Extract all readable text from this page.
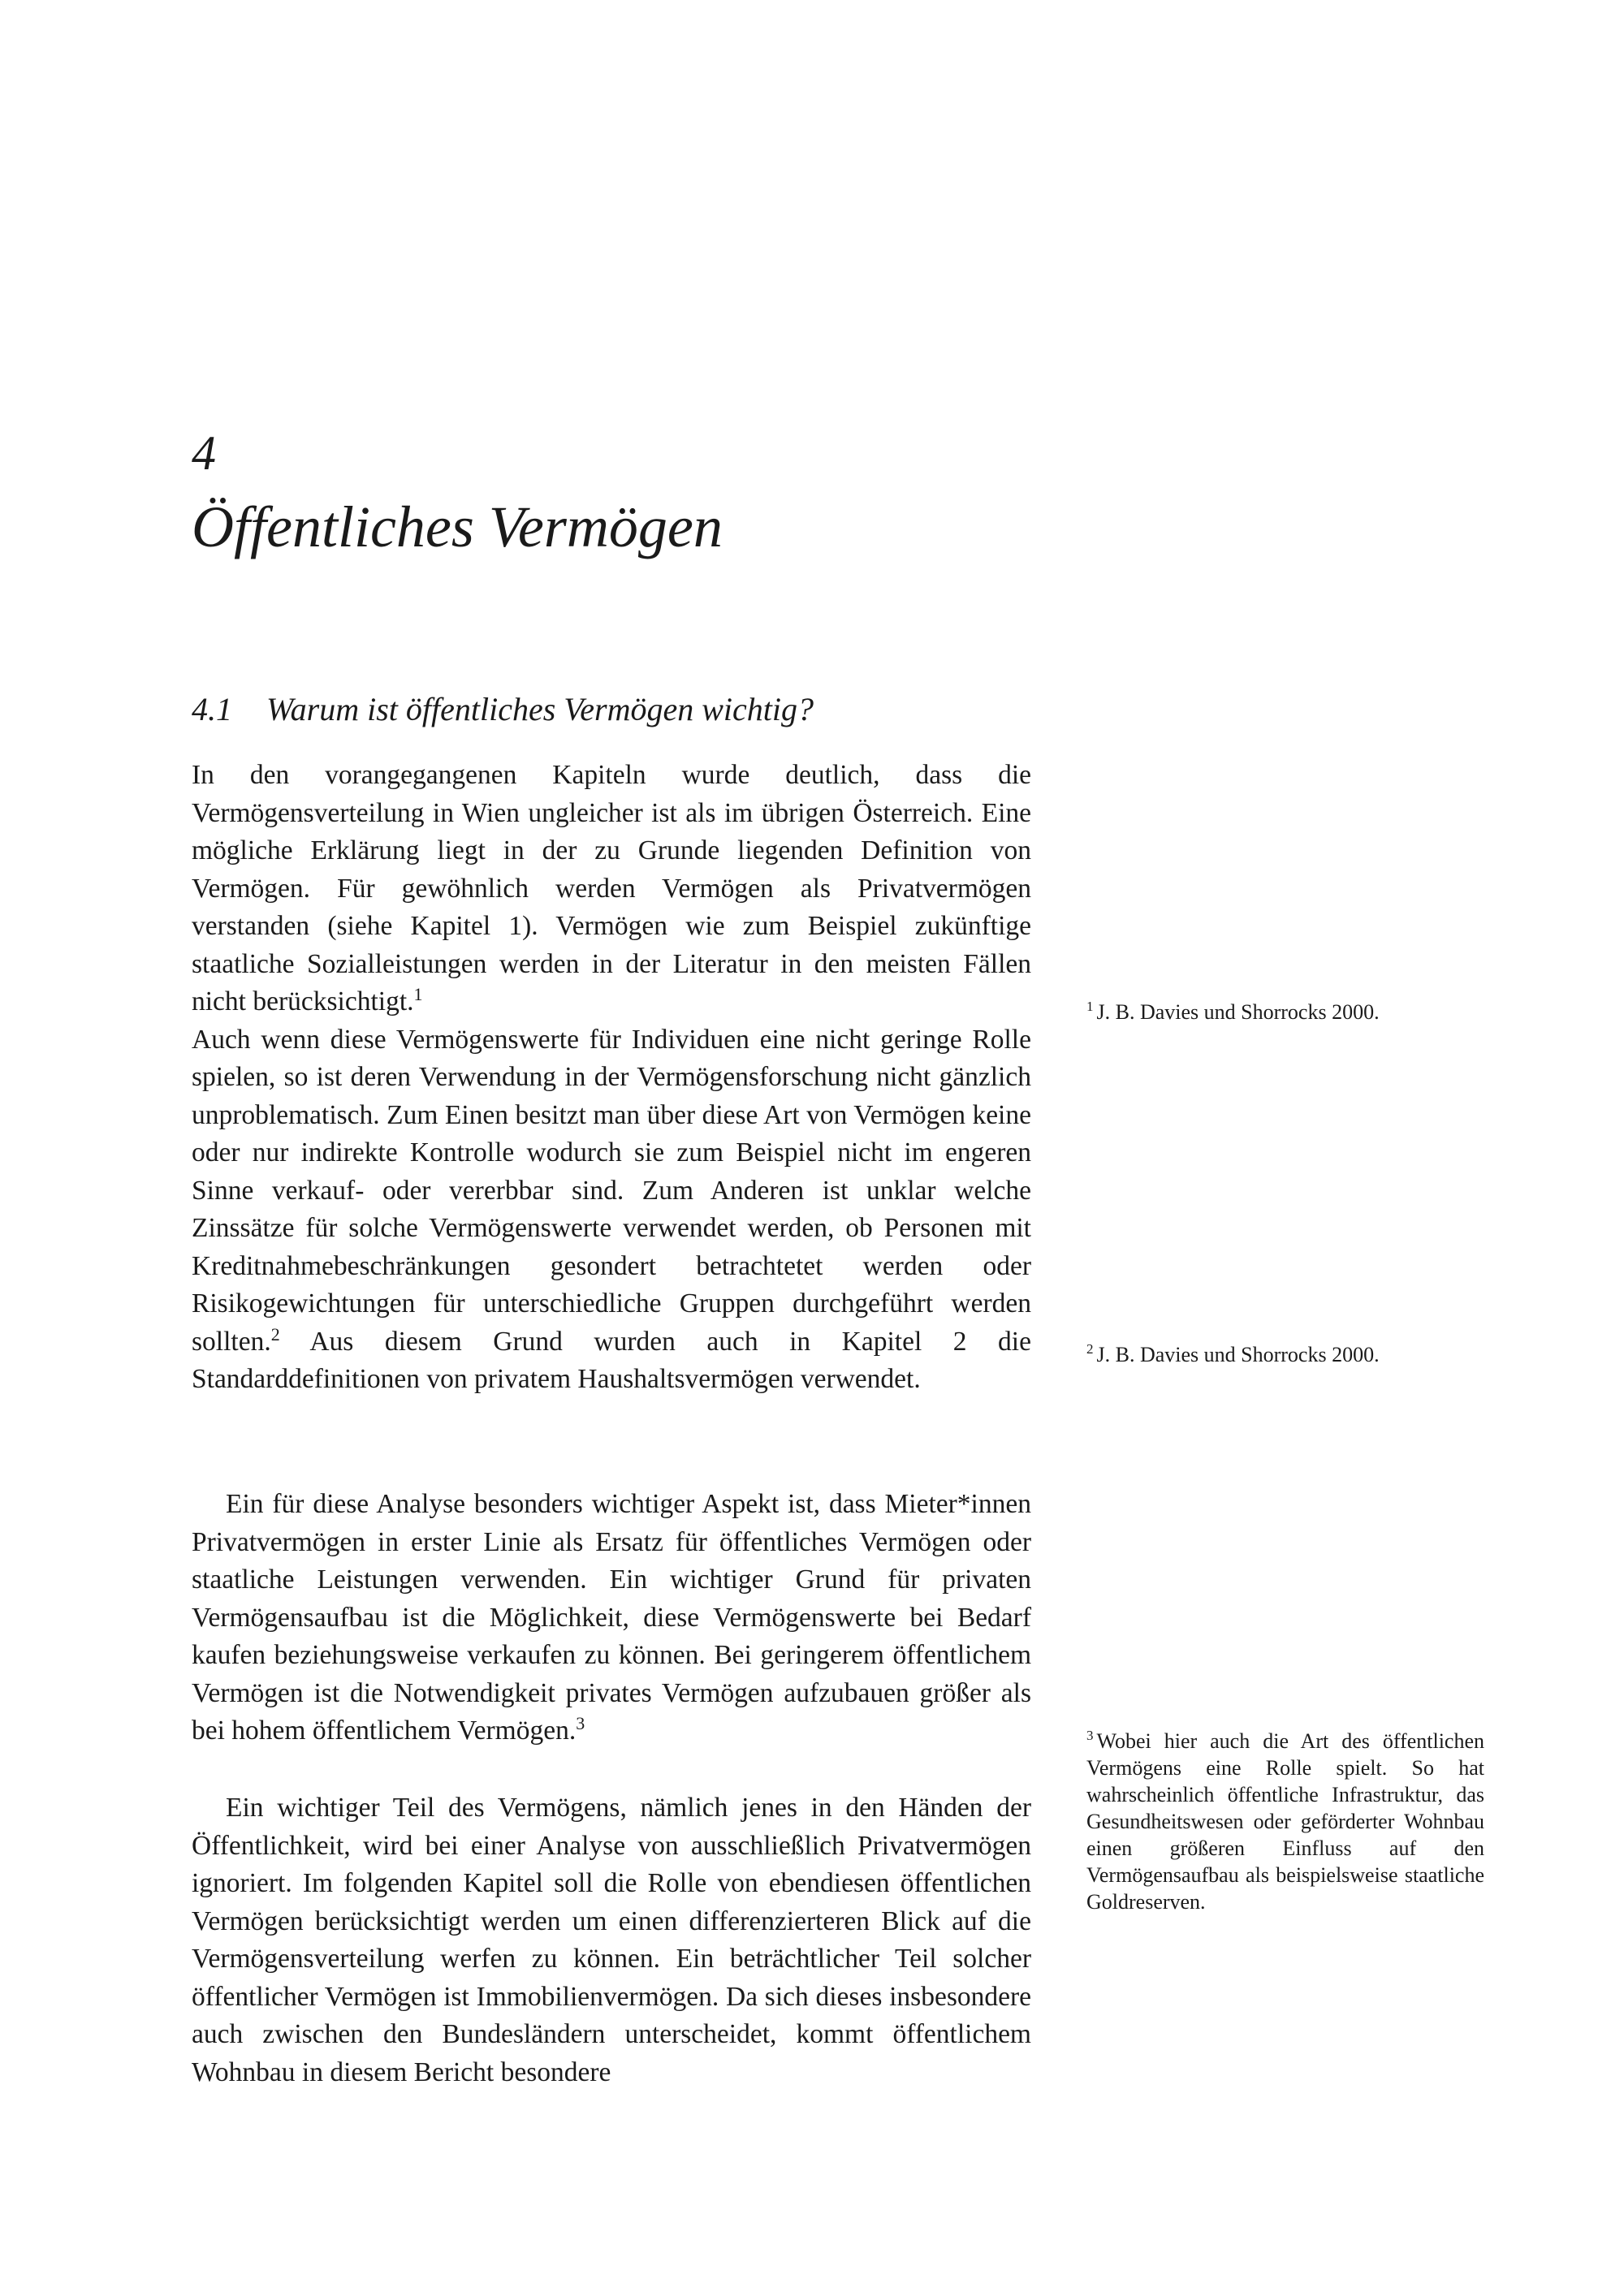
4
Öffentliches Vermögen
4.1 Warum ist öffentliches Vermögen wichtig?

In den vorangegangenen Kapiteln wurde deutlich, dass die Vermögensverteilung in Wien ungleicher ist als im übrigen Österreich. Eine mögliche Erklärung liegt in der zu Grunde liegenden Definition von Vermögen. Für gewöhnlich werden Vermögen als Privatvermögen verstanden (siehe Kapitel 1). Vermögen wie zum Beispiel zukünftige staatliche Sozialleistungen werden in der Literatur in den meisten Fällen nicht berücksichtigt.$^1$
Auch wenn diese Vermögenswerte für Individuen eine nicht geringe Rolle spielen, so ist deren Verwendung in der Vermögensforschung nicht gänzlich unproblematisch. Zum Einen besitzt man über diese Art von Vermögen keine oder nur indirekte Kontrolle wodurch sie zum Beispiel nicht im engeren Sinne verkauf- oder vererbbar sind. Zum Anderen ist unklar welche Zinssätze für solche Vermögenswerte verwendet werden, ob Personen mit Kreditnahmebeschränkungen gesondert betrachtetet werden oder Risikogewichtungen für unterschiedliche Gruppen durchgeführt werden sollten.$^2$ Aus diesem Grund wurden auch in Kapitel 2 die Standarddefinitionen von privatem Haushaltsvermögen verwendet.

Ein für diese Analyse besonders wichtiger Aspekt ist, dass Mieter*innen Privatvermögen in erster Linie als Ersatz für öffentliches Vermögen oder staatliche Leistungen verwenden. Ein wichtiger Grund für privaten Vermögensaufbau ist die Möglichkeit, diese Vermögenswerte bei Bedarf kaufen beziehungsweise verkaufen zu können. Bei geringerem öffentlichem Vermögen ist die Notwendigkeit privates Vermögen aufzubauen größer als bei hohem öffentlichem Vermögen.$^3$

Ein wichtiger Teil des Vermögens, nämlich jenes in den Händen der Öffentlichkeit, wird bei einer Analyse von ausschließlich Privatvermögen ignoriert. Im folgenden Kapitel soll die Rolle von ebendiesen öffentlichen Vermögen berücksichtigt werden um einen differenzierteren Blick auf die Vermögensverteilung werfen zu können. Ein beträchtlicher Teil solcher öffentlicher Vermögen ist Immobilienvermögen. Da sich dieses insbesondere auch zwischen den Bundesländern unterscheidet, kommt öffentlichem Wohnbau in diesem Bericht besondere

$^1$ J. B. Davies und Shorrocks 2000.

$^2$ J. B. Davies und Shorrocks 2000.

$^3$ Wobei hier auch die Art des öffentlichen Vermögens eine Rolle spielt. So hat wahrscheinlich öffentliche Infrastruktur, das Gesundheitswesen oder geförderter Wohnbau einen größeren Einfluss auf den Vermögensaufbau als beispielsweise staatliche Goldreserven.
